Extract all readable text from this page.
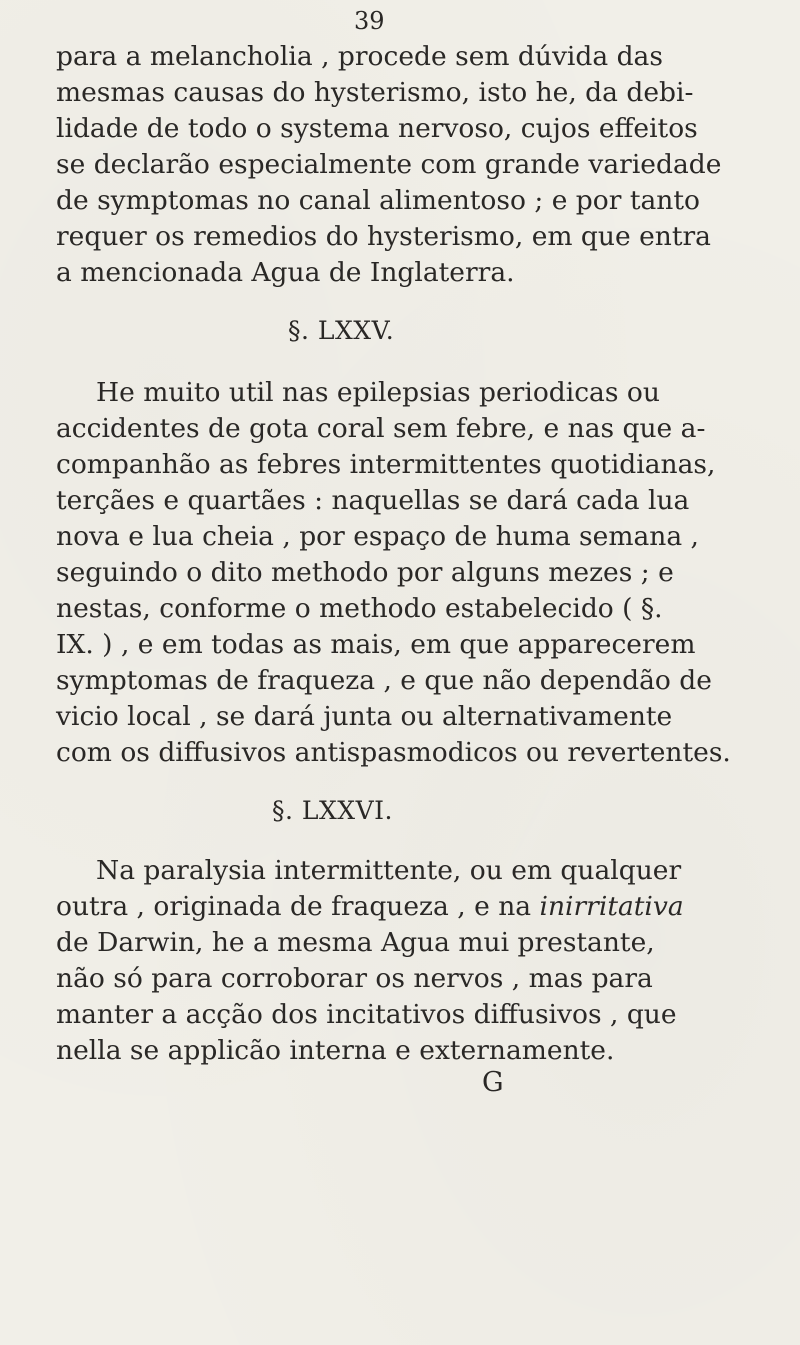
39
para a melancholia , procede sem dúvida das
mesmas causas do hysterismo, isto he, da debi-
lidade de todo o systema nervoso, cujos effeitos
se declarão especialmente com grande variedade
de symptomas no canal alimentoso ; e por tanto
requer os remedios do hysterismo, em que entra
a mencionada Agua de Inglaterra.
§. LXXV.
He muito util nas epilepsias periodicas ou
accidentes de gota coral sem febre, e nas que a-
companhão as febres intermittentes quotidianas,
terçães e quartães : naquellas se dará cada lua
nova e lua cheia , por espaço de huma semana ,
seguindo o dito methodo por alguns mezes ; e
nestas, conforme o methodo estabelecido ( §.
IX. ) , e em todas as mais, em que apparecerem
symptomas de fraqueza , e que não dependão de
vicio local , se dará junta ou alternativamente
com os diffusivos antispasmodicos ou revertentes.
§. LXXVI.
Na paralysia intermittente, ou em qualquer
outra , originada de fraqueza , e na inirritativa
de Darwin, he a mesma Agua mui prestante,
não só para corroborar os nervos , mas para
manter a acção dos incitativos diffusivos , que
nella se applicão interna e externamente.
G
